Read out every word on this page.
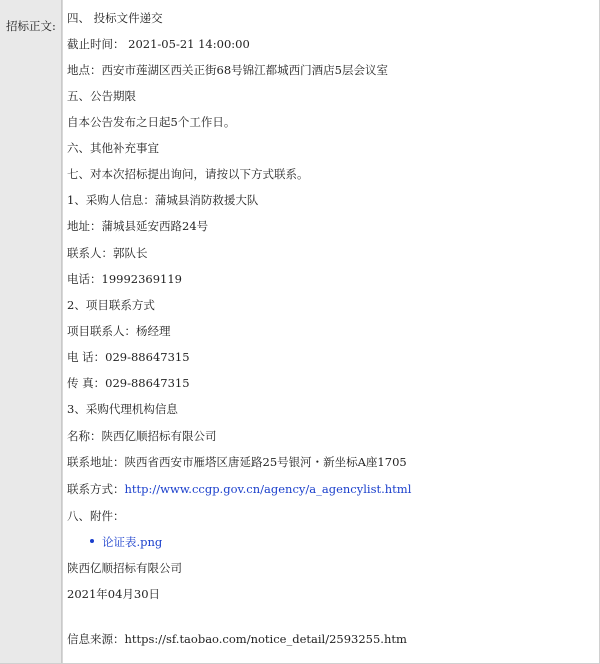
招标正文:
四、 投标文件递交
截止时间： 2021-05-21 14:00:00
地点：西安市莲湖区西关正街68号锦江都城西门酒店5层会议室
五、公告期限
自本公告发布之日起5个工作日。
六、其他补充事宜
七、对本次招标提出询问，请按以下方式联系。
1、采购人信息：蒲城县消防救援大队
地址：蒲城县延安西路24号
联系人：郭队长
电话：19992369119
2、项目联系方式
项目联系人：杨经理
电 话：029-88647315
传 真：029-88647315
3、采购代理机构信息
名称：陕西亿顺招标有限公司
联系地址：陕西省西安市雁塔区唐延路25号银河・新坐标A座1705
联系方式：http://www.ccgp.gov.cn/agency/a_agencylist.html
八、附件：
论证表.png
陕西亿顺招标有限公司
2021年04月30日
信息来源：https://sf.taobao.com/notice_detail/2593255.htm
